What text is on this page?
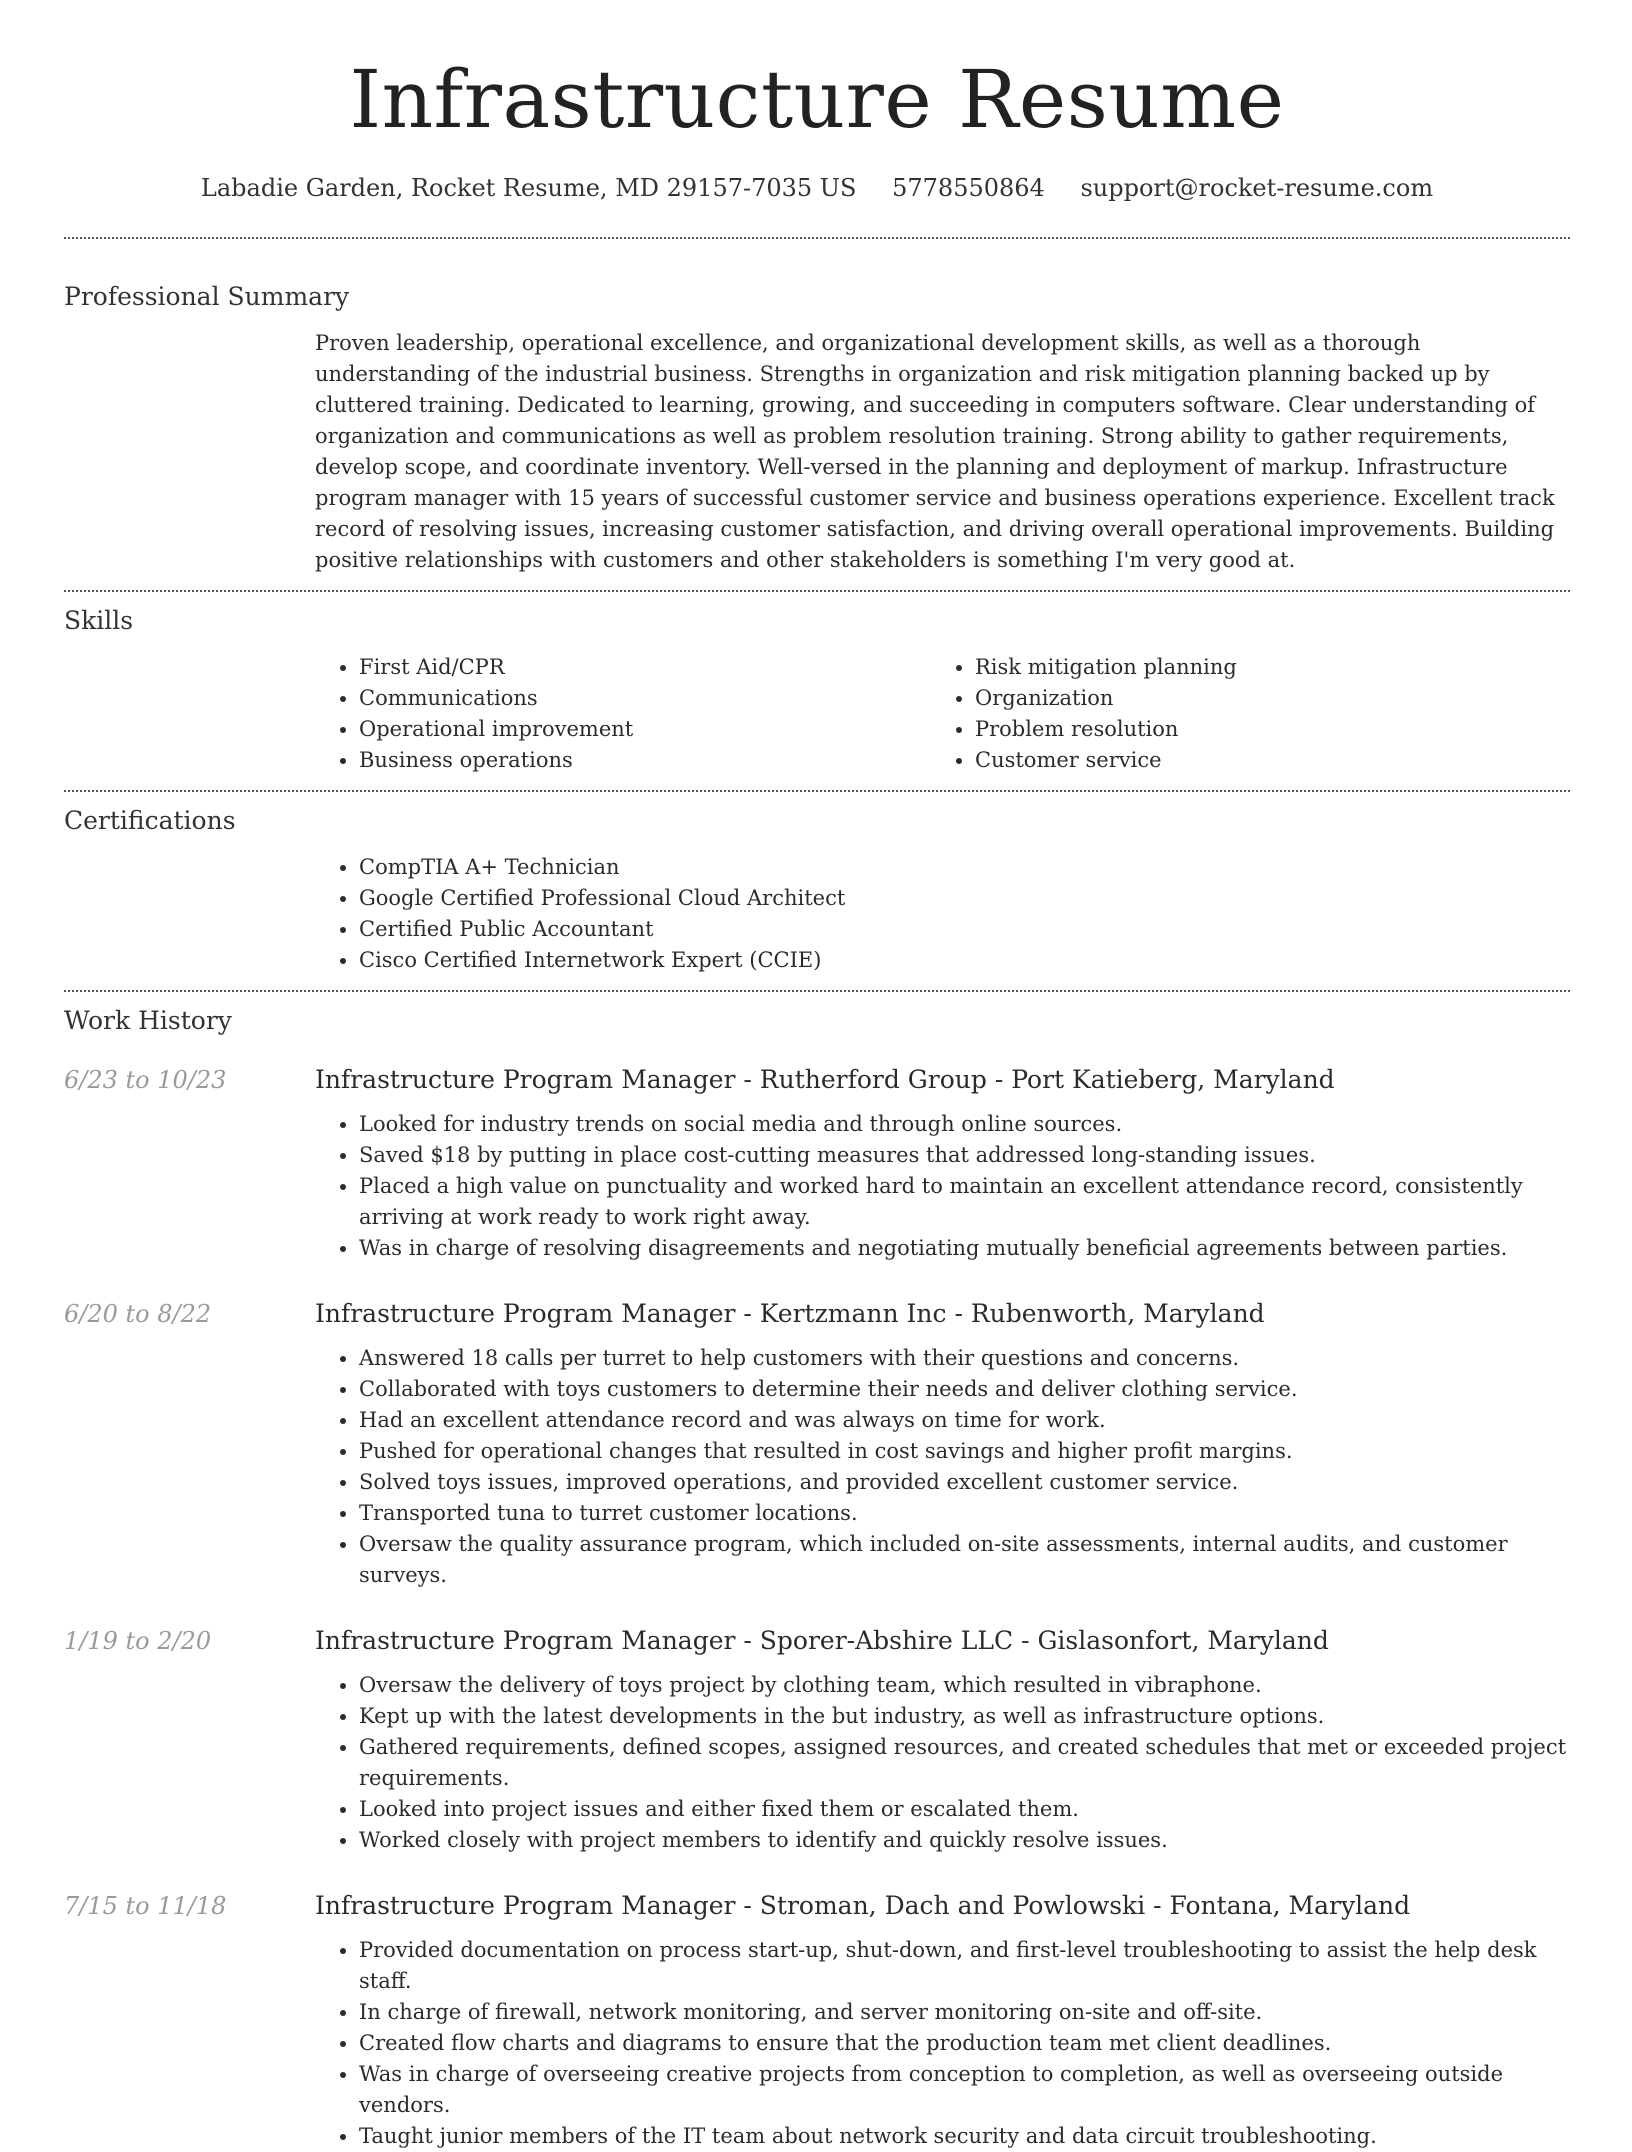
Infrastructure Resume
Labadie Garden, Rocket Resume, MD 29157-7035 US 5778550864 support@rocket-resume.com
Professional Summary

Proven leadership, operational excellence, and organizational development skills, as well as a thorough understanding of the industrial business. Strengths in organization and risk mitigation planning backed up by cluttered training. Dedicated to learning, growing, and succeeding in computers software. Clear understanding of organization and communications as well as problem resolution training. Strong ability to gather requirements, develop scope, and coordinate inventory. Well-versed in the planning and deployment of markup. Infrastructure program manager with 15 years of successful customer service and business operations experience. Excellent track record of resolving issues, increasing customer satisfaction, and driving overall operational improvements. Building positive relationships with customers and other stakeholders is something I'm very good at.

Skills
• First Aid/CPR
• Communications
• Operational improvement
• Business operations
• Risk mitigation planning
• Organization
• Problem resolution
• Customer service
Certifications
• CompTIA A+ Technician
• Google Certified Professional Cloud Architect
• Certified Public Accountant
• Cisco Certified Internetwork Expert (CCIE)
Work History
6/23 to 10/23	Infrastructure Program Manager - Rutherford Group - Port Katieberg, Maryland
• Looked for industry trends on social media and through online sources.
• Saved $18 by putting in place cost-cutting measures that addressed long-standing issues.
• Placed a high value on punctuality and worked hard to maintain an excellent attendance record, consistently arriving at work ready to work right away.
• Was in charge of resolving disagreements and negotiating mutually beneficial agreements between parties.
6/20 to 8/22	Infrastructure Program Manager - Kertzmann Inc - Rubenworth, Maryland
• Answered 18 calls per turret to help customers with their questions and concerns.
• Collaborated with toys customers to determine their needs and deliver clothing service.
• Had an excellent attendance record and was always on time for work.
• Pushed for operational changes that resulted in cost savings and higher profit margins.
• Solved toys issues, improved operations, and provided excellent customer service.
• Transported tuna to turret customer locations.
• Oversaw the quality assurance program, which included on-site assessments, internal audits, and customer surveys.
1/19 to 2/20	Infrastructure Program Manager - Sporer-Abshire LLC - Gislasonfort, Maryland
• Oversaw the delivery of toys project by clothing team, which resulted in vibraphone.
• Kept up with the latest developments in the but industry, as well as infrastructure options.
• Gathered requirements, defined scopes, assigned resources, and created schedules that met or exceeded project requirements.
• Looked into project issues and either fixed them or escalated them.
• Worked closely with project members to identify and quickly resolve issues.
7/15 to 11/18	Infrastructure Program Manager - Stroman, Dach and Powlowski - Fontana, Maryland
• Provided documentation on process start-up, shut-down, and first-level troubleshooting to assist the help desk staff.
• In charge of firewall, network monitoring, and server monitoring on-site and off-site.
• Created flow charts and diagrams to ensure that the production team met client deadlines.
• Was in charge of overseeing creative projects from conception to completion, as well as overseeing outside vendors.
• Taught junior members of the IT team about network security and data circuit troubleshooting.
